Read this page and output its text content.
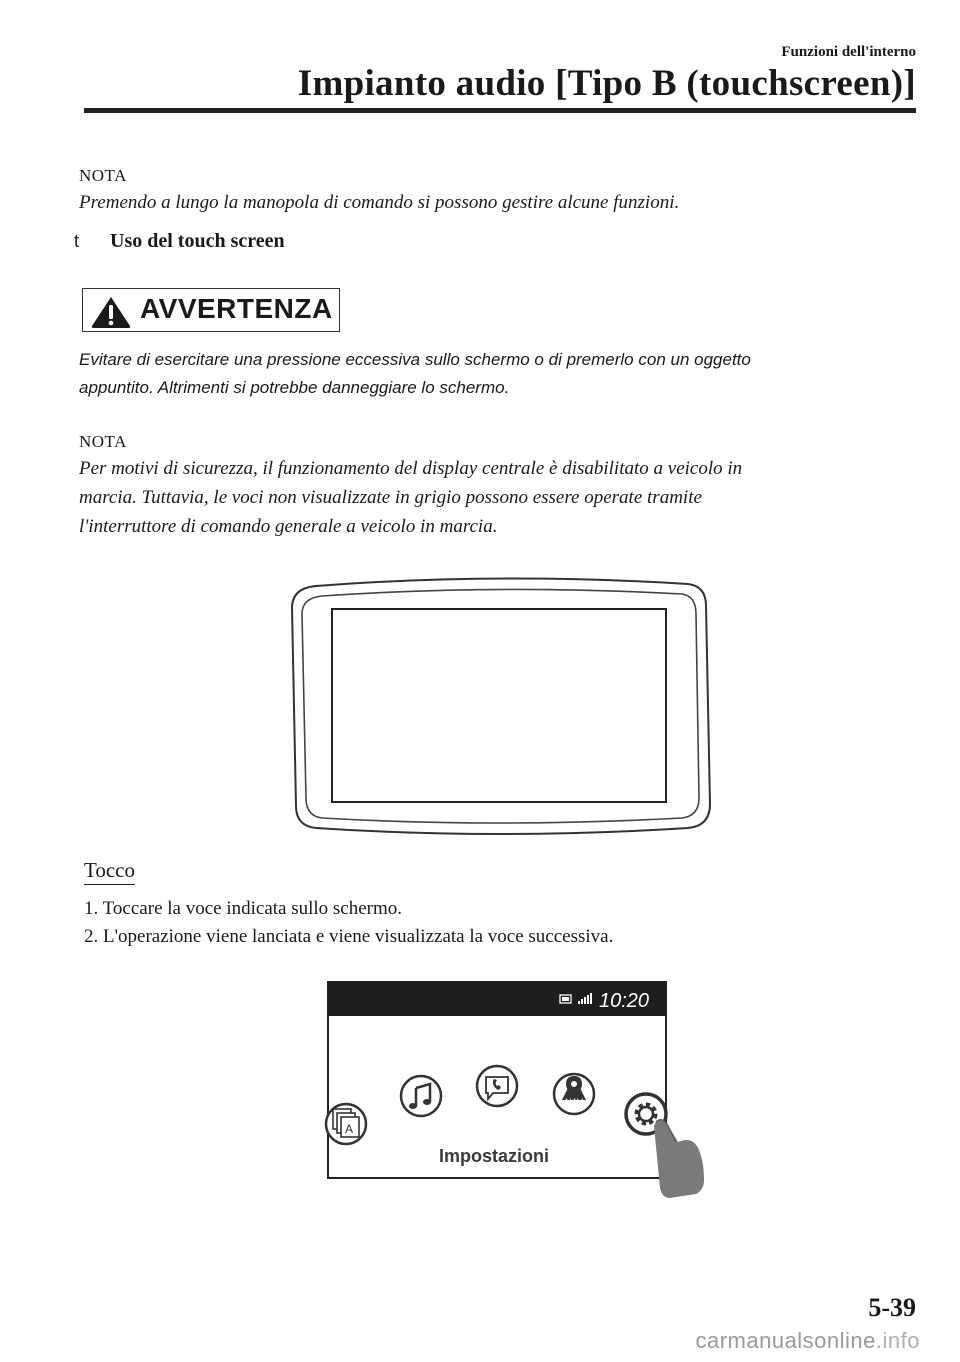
Funzioni dell'interno
Impianto audio [Tipo B (touchscreen)]
NOTA
Premendo a lungo la manopola di comando si possono gestire alcune funzioni.
t Uso del touch screen
AVVERTENZA
Evitare di esercitare una pressione eccessiva sullo schermo o di premerlo con un oggetto
appuntito. Altrimenti si potrebbe danneggiare lo schermo.
NOTA
Per motivi di sicurezza, il funzionamento del display centrale è disabilitato a veicolo in
marcia. Tuttavia, le voci non visualizzate in grigio possono essere operate tramite
l'interruttore di comando generale a veicolo in marcia.
Tocco
1. Toccare la voce indicata sullo schermo.
2. L'operazione viene lanciata e viene visualizzata la voce successiva.
10:20
A
NAV
Impostazioni
5-39
carmanualsonline.info
